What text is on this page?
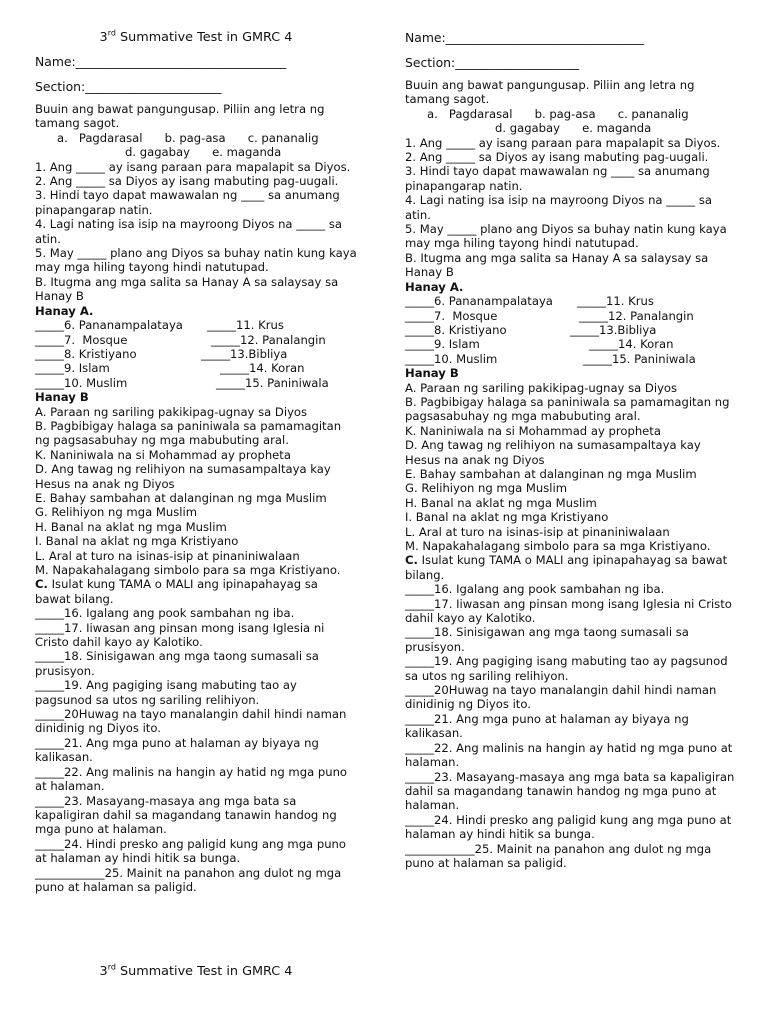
3rd Summative Test in GMRC 4
Name:__________________________________
Section:______________________

Buuin ang bawat pangungusap. Piliin ang letra ng tamang sagot.

a.   Pagdarasal      b. pag-asa      c. pananalig

d. gagabay      e. maganda

1. Ang _____ ay isang paraan para mapalapit sa Diyos.

2. Ang _____ sa Diyos ay isang mabuting pag-uugali.

3. Hindi tayo dapat mawawalan ng ____ sa anumang pinapangarap natin.

4. Lagi nating isa isip na mayroong Diyos na _____ sa atin.

5. May _____ plano ang Diyos sa buhay natin kung kaya may mga hiling tayong hindi natutupad.

B. Itugma ang mga salita sa Hanay A sa salaysay sa Hanay B

Hanay A.

_____6. Pananampalataya	_____11. Krus
_____7.  Mosque	_____12. Panalangin
_____8. Kristiyano	_____13.Bibliya
_____9. Islam	_____14. Koran
_____10. Muslim	_____15. Paniniwala

Hanay B

A. Paraan ng sariling pakikipag-ugnay sa Diyos

B. Pagbibigay halaga sa paniniwala sa pamamagitan ng pagsasabuhay ng mga mabubuting aral.

K. Naniniwala na si Mohammad ay propheta

D. Ang tawag ng relihiyon na sumasampaltaya kay Hesus na anak ng Diyos

E. Bahay sambahan at dalanginan ng mga Muslim

G. Relihiyon ng mga Muslim

H. Banal na aklat ng mga Muslim

I. Banal na aklat ng mga Kristiyano

L. Aral at turo na isinas-isip at pinaniniwalaan

M. Napakahalagang simbolo para sa mga Kristiyano.

C. Isulat kung TAMA o MALI ang ipinapahayag sa bawat bilang.

_____16. Igalang ang pook sambahan ng iba.

_____17. Iiwasan ang pinsan mong isang Iglesia ni Cristo dahil kayo ay Kalotiko.

_____18. Sinisigawan ang mga taong sumasali sa prusisyon.

_____19. Ang pagiging isang mabuting tao ay pagsunod sa utos ng sariling relihiyon.

_____20Huwag na tayo manalangin dahil hindi naman dinidinig ng Diyos ito.

_____21. Ang mga puno at halaman ay biyaya ng kalikasan.

_____22. Ang malinis na hangin ay hatid ng mga puno at halaman.

_____23. Masayang-masaya ang mga bata sa kapaligiran dahil sa magandang tanawin handog ng mga puno at halaman.

_____24. Hindi presko ang paligid kung ang mga puno at halaman ay hindi hitik sa bunga.

____________25. Mainit na panahon ang dulot ng mga puno at halaman sa paligid.

3rd Summative Test in GMRC 4
Name:________________________________
Section:____________________

Buuin ang bawat pangungusap. Piliin ang letra ng tamang sagot.

a.   Pagdarasal      b. pag-asa      c. pananalig

d. gagabay      e. maganda

1. Ang _____ ay isang paraan para mapalapit sa Diyos.

2. Ang _____ sa Diyos ay isang mabuting pag-uugali.

3. Hindi tayo dapat mawawalan ng ____ sa anumang pinapangarap natin.

4. Lagi nating isa isip na mayroong Diyos na _____ sa atin.

5. May _____ plano ang Diyos sa buhay natin kung kaya may mga hiling tayong hindi natutupad.

B. Itugma ang mga salita sa Hanay A sa salaysay sa Hanay B

Hanay A.

_____6. Pananampalataya	_____11. Krus
_____7.  Mosque	_____12. Panalangin
_____8. Kristiyano	_____13.Bibliya
_____9. Islam	_____14. Koran
_____10. Muslim	_____15. Paniniwala

Hanay B

A. Paraan ng sariling pakikipag-ugnay sa Diyos

B. Pagbibigay halaga sa paniniwala sa pamamagitan ng pagsasabuhay ng mga mabubuting aral.

K. Naniniwala na si Mohammad ay propheta

D. Ang tawag ng relihiyon na sumasampaltaya kay Hesus na anak ng Diyos

E. Bahay sambahan at dalanginan ng mga Muslim

G. Relihiyon ng mga Muslim

H. Banal na aklat ng mga Muslim

I. Banal na aklat ng mga Kristiyano

L. Aral at turo na isinas-isip at pinaniniwalaan

M. Napakahalagang simbolo para sa mga Kristiyano.

C. Isulat kung TAMA o MALI ang ipinapahayag sa bawat bilang.

_____16. Igalang ang pook sambahan ng iba.

_____17. Iiwasan ang pinsan mong isang Iglesia ni Cristo dahil kayo ay Kalotiko.

_____18. Sinisigawan ang mga taong sumasali sa prusisyon.

_____19. Ang pagiging isang mabuting tao ay pagsunod sa utos ng sariling relihiyon.

_____20Huwag na tayo manalangin dahil hindi naman dinidinig ng Diyos ito.

_____21. Ang mga puno at halaman ay biyaya ng kalikasan.

_____22. Ang malinis na hangin ay hatid ng mga puno at halaman.

_____23. Masayang-masaya ang mga bata sa kapaligiran dahil sa magandang tanawin handog ng mga puno at halaman.

_____24. Hindi presko ang paligid kung ang mga puno at halaman ay hindi hitik sa bunga.

____________25. Mainit na panahon ang dulot ng mga puno at halaman sa paligid.
